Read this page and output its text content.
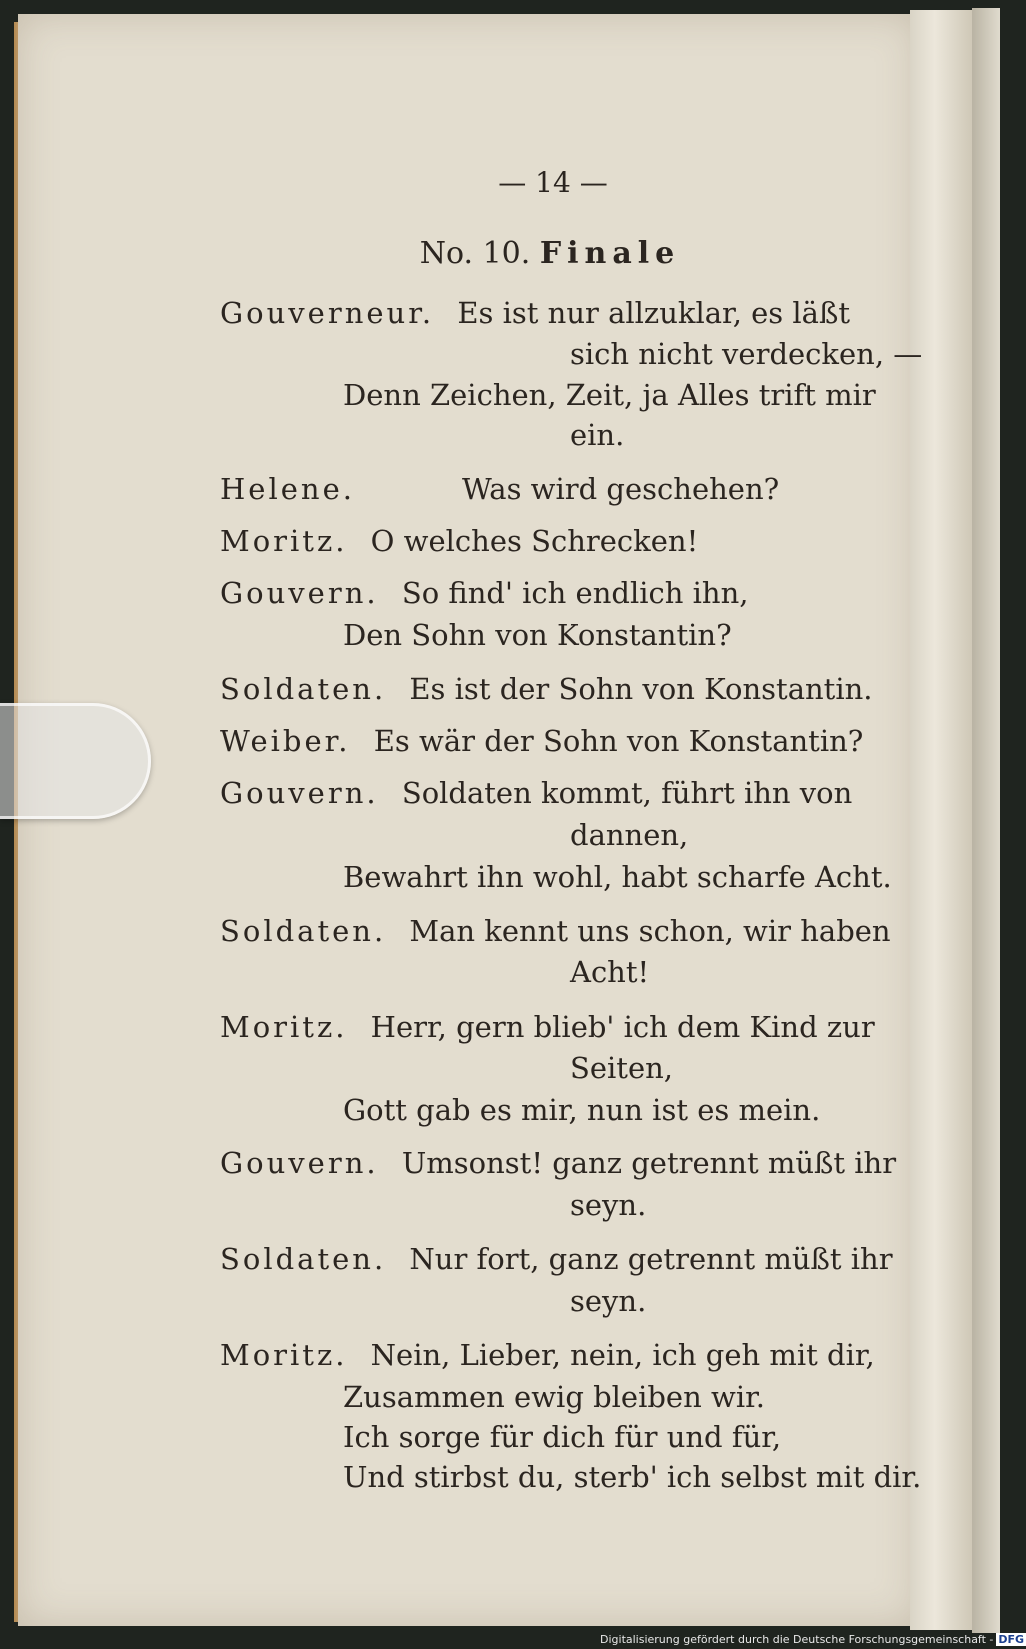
— 14 —
No. 10. Finale
Gouverneur. Es ist nur allzuklar, es läßt
sich nicht verdecken, —
Denn Zeichen, Zeit, ja Alles trift mir
ein.
Helene.	Was wird geschehen?
Moritz. O welches Schrecken!
Gouvern. So find' ich endlich ihn,
Den Sohn von Konstantin?
Soldaten. Es ist der Sohn von Konstantin.
Weiber. Es wär der Sohn von Konstantin?
Gouvern. Soldaten kommt, führt ihn von
dannen,
Bewahrt ihn wohl, habt scharfe Acht.
Soldaten. Man kennt uns schon, wir haben
Acht!
Moritz. Herr, gern blieb' ich dem Kind zur
Seiten,
Gott gab es mir, nun ist es mein.
Gouvern. Umsonst! ganz getrennt müßt ihr
seyn.
Soldaten. Nur fort, ganz getrennt müßt ihr
seyn.
Moritz. Nein, Lieber, nein, ich geh mit dir,
Zusammen ewig bleiben wir.
Ich sorge für dich für und für,
Und stirbst du, sterb' ich selbst mit dir.
Digitalisierung gefördert durch die Deutsche Forschungsgemeinschaft - DFG
